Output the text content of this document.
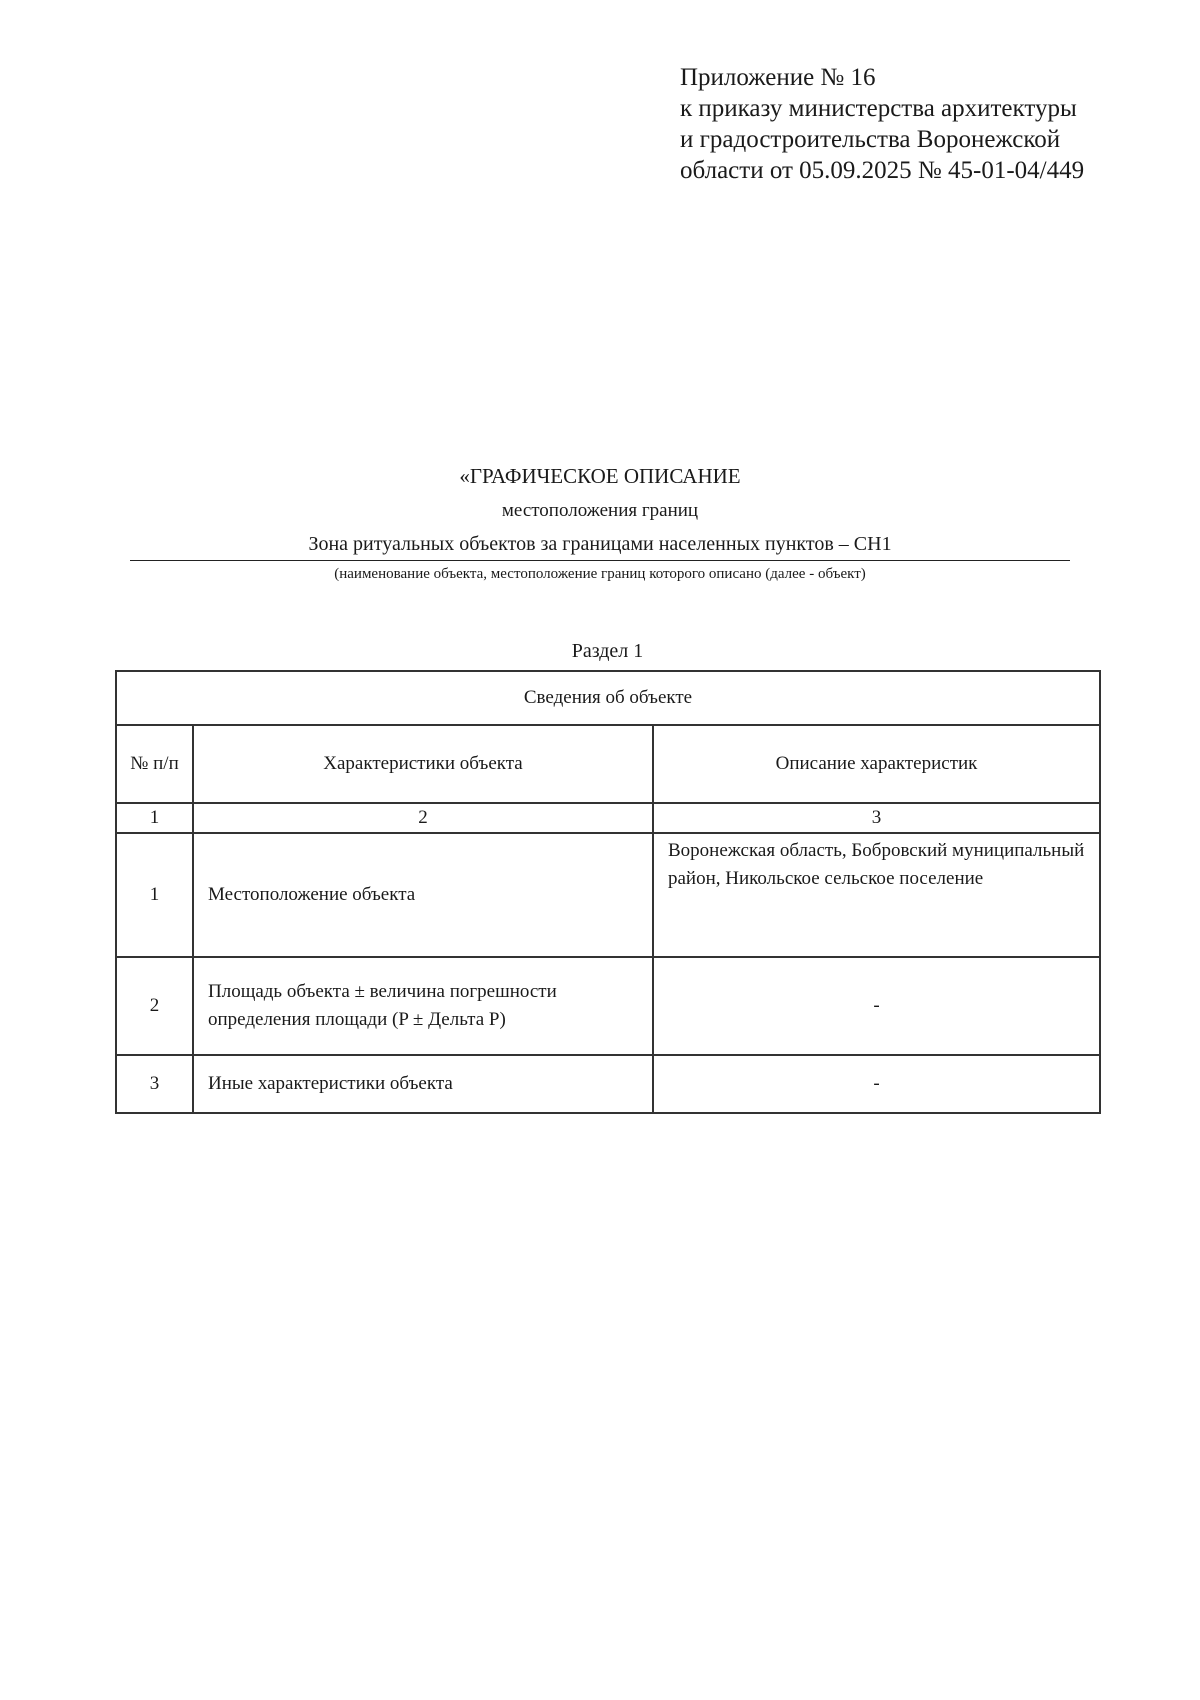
Приложение № 16
к приказу министерства архитектуры
и градостроительства Воронежской
области от 05.09.2025 № 45-01-04/449
«ГРАФИЧЕСКОЕ ОПИСАНИЕ
местоположения границ
Зона ритуальных объектов за границами населенных пунктов – СН1
(наименование объекта, местоположение границ которого описано (далее - объект)
Раздел 1
Сведения об объекте		
№ п/п	Характеристики объекта	Описание характеристик
1	2	3
1	Местоположение объекта	Воронежская область, Бобровский муниципальный район, Никольское сельское поселение
2	Площадь объекта ± величина погрешности определения площади (P ± Дельта P)	-
3	Иные характеристики объекта	-
